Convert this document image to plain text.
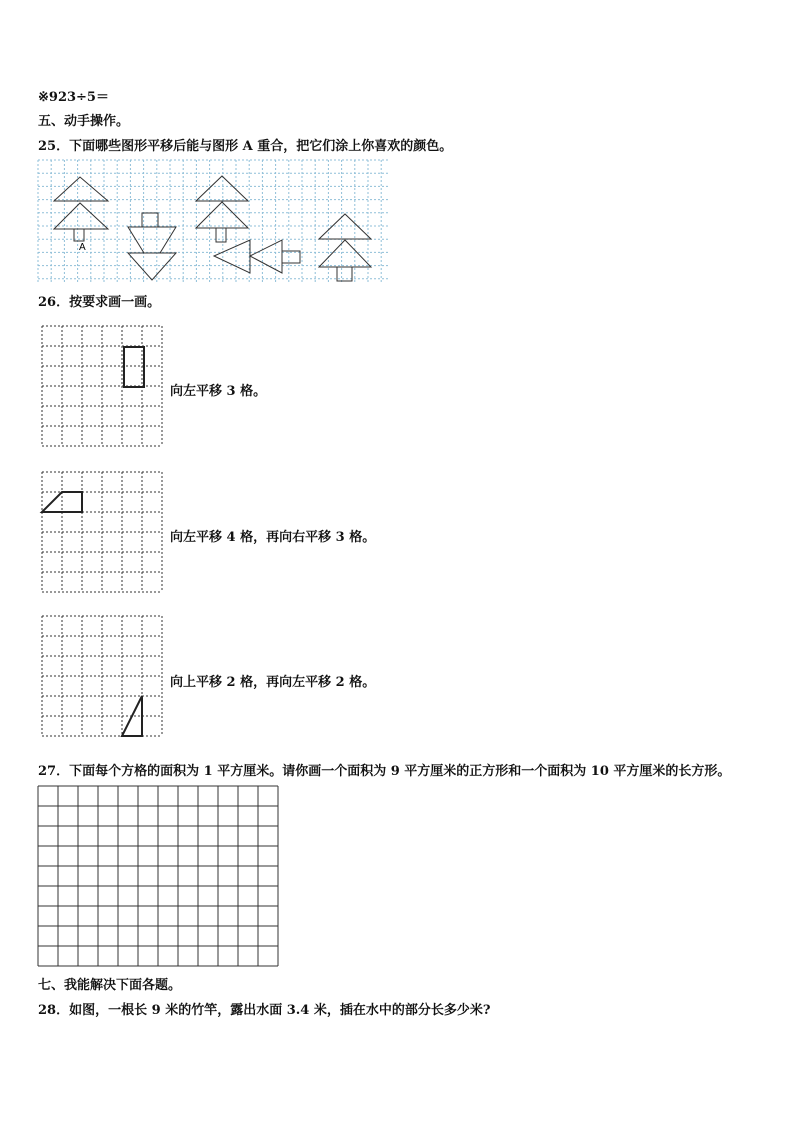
※923÷5＝
五、动手操作。
25．下面哪些图形平移后能与图形 A 重合，把它们涂上你喜欢的颜色。
A
26．按要求画一画。
向左平移 3 格。
向左平移 4 格，再向右平移 3 格。
向上平移 2 格，再向左平移 2 格。
27．下面每个方格的面积为 1 平方厘米。请你画一个面积为 9 平方厘米的正方形和一个面积为 10 平方厘米的长方形。
七、我能解决下面各题。
28．如图，一根长 9 米的竹竿，露出水面 3.4 米，插在水中的部分长多少米?
